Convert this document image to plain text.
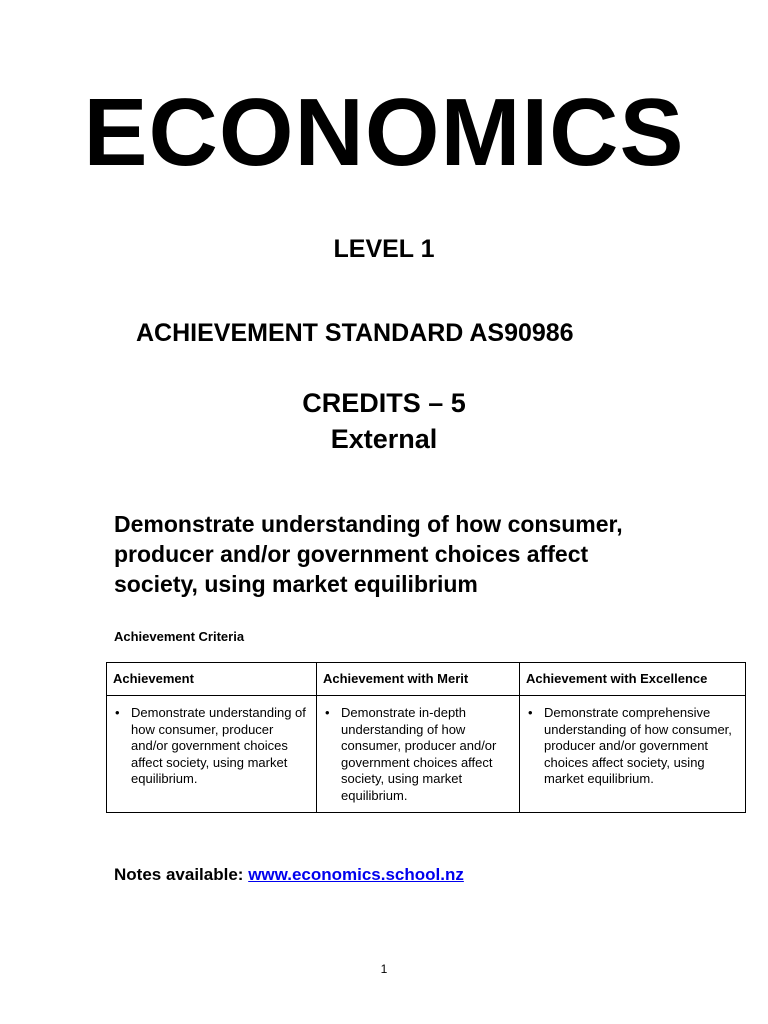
ECONOMICS
LEVEL 1
ACHIEVEMENT STANDARD AS90986
CREDITS – 5
External
Demonstrate understanding of how consumer, producer and/or government choices affect society, using market equilibrium
Achievement Criteria
Achievement	Achievement with Merit	Achievement with Excellence

• Demonstrate understanding of how consumer, producer and/or government choices affect society, using market equilibrium.	• Demonstrate in-depth understanding of how consumer, producer and/or government choices affect society, using market equilibrium.	• Demonstrate comprehensive understanding of how consumer, producer and/or government choices affect society, using market equilibrium.
Notes available: www.economics.school.nz
1
